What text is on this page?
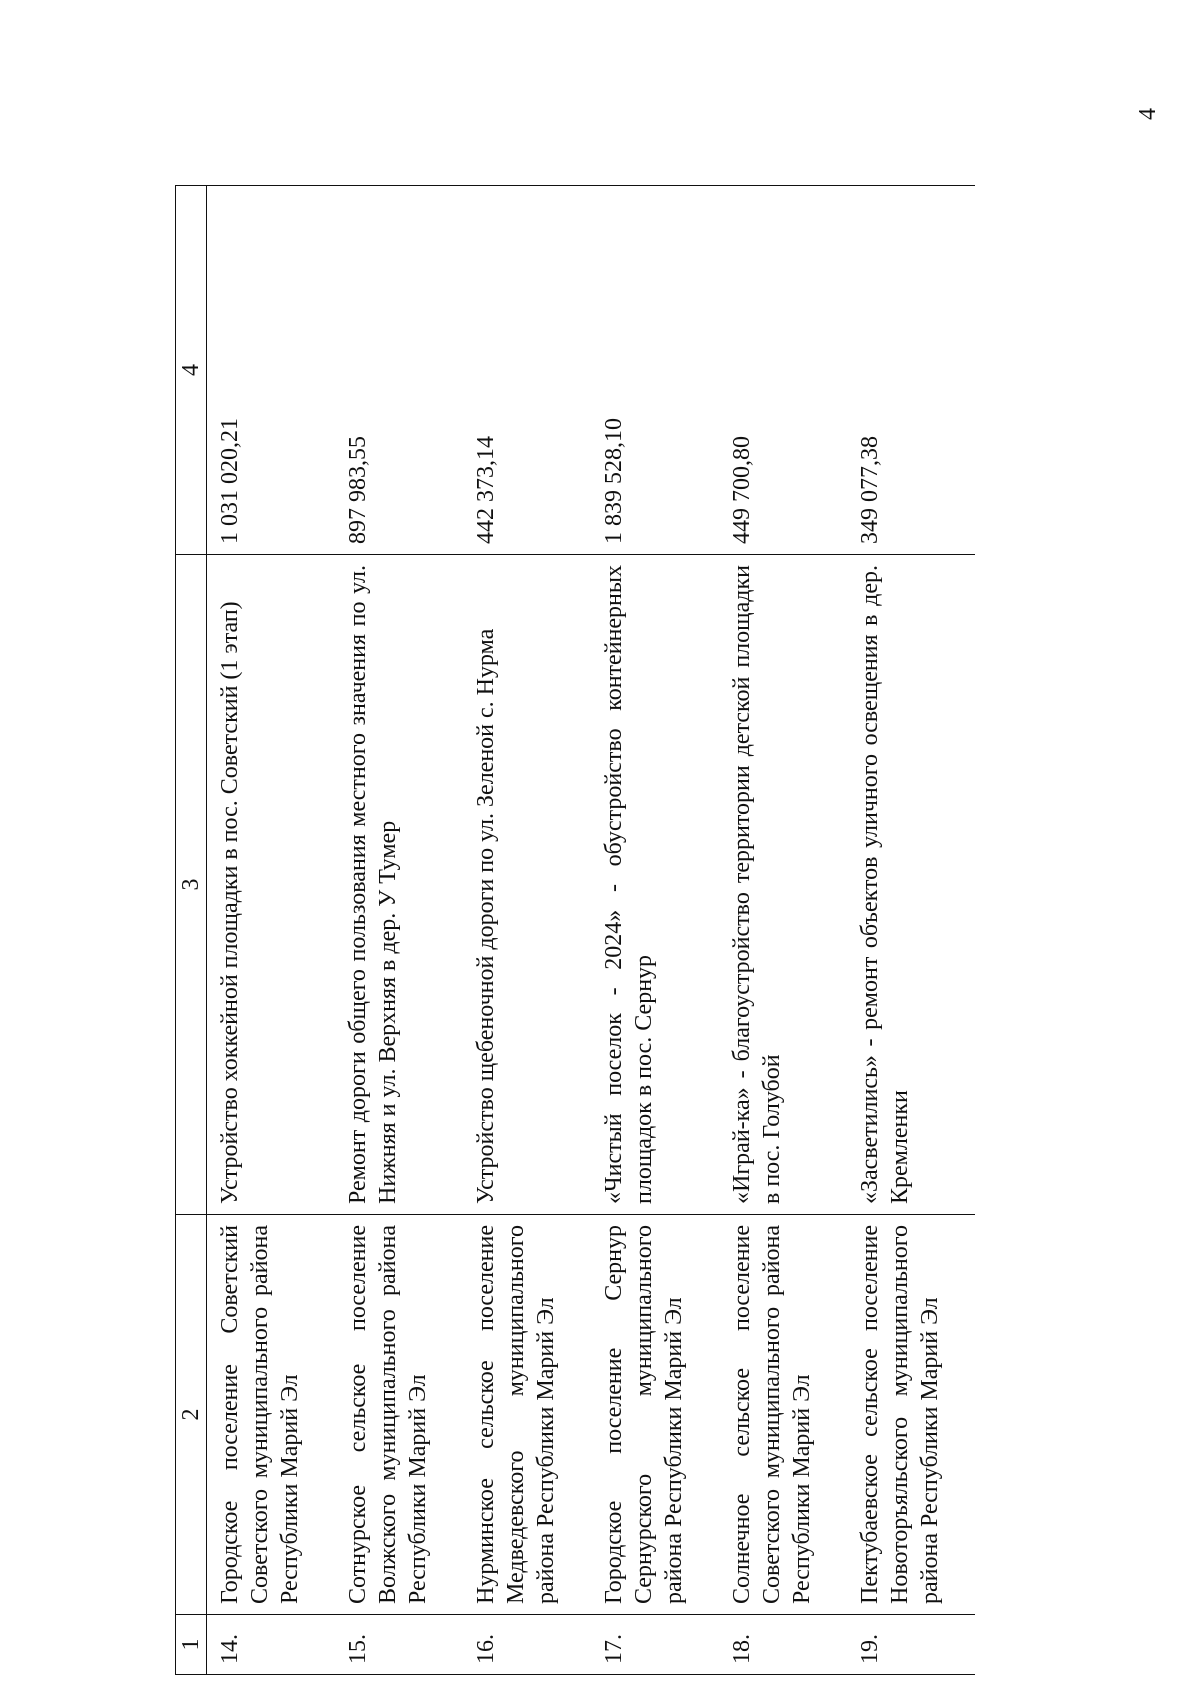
4
1	2	3	4
14.	Городское поселение Советский Советского муниципального района Республики Марий Эл	Устройство хоккейной площадки в пос. Советский (1 этап)	1 031 020,21
15.	Сотнурское сельское поселение Волжского муниципального района Республики Марий Эл	Ремонт дороги общего пользования местного значения по ул. Нижняя и ул. Верхняя в дер. У Тумер	897 983,55
16.	Нурминское сельское поселение Медведевского муниципального района Республики Марий Эл	Устройство щебеночной дороги по ул. Зеленой с. Нурма	442 373,14
17.	Городское поселение Сернур Сернурского муниципального района Республики Марий Эл	«Чистый поселок - 2024» - обустройство контейнерных площадок в пос. Сернур	1 839 528,10
18.	Солнечное сельское поселение Советского муниципального района Республики Марий Эл	«Играй-ка» - благоустройство территории детской площадки в пос. Голубой	449 700,80
19.	Пектубаевское сельское поселение Новоторъяльского муниципального района Республики Марий Эл	«Засветились» - ремонт объектов уличного освещения в дер. Кремленки	349 077,38
